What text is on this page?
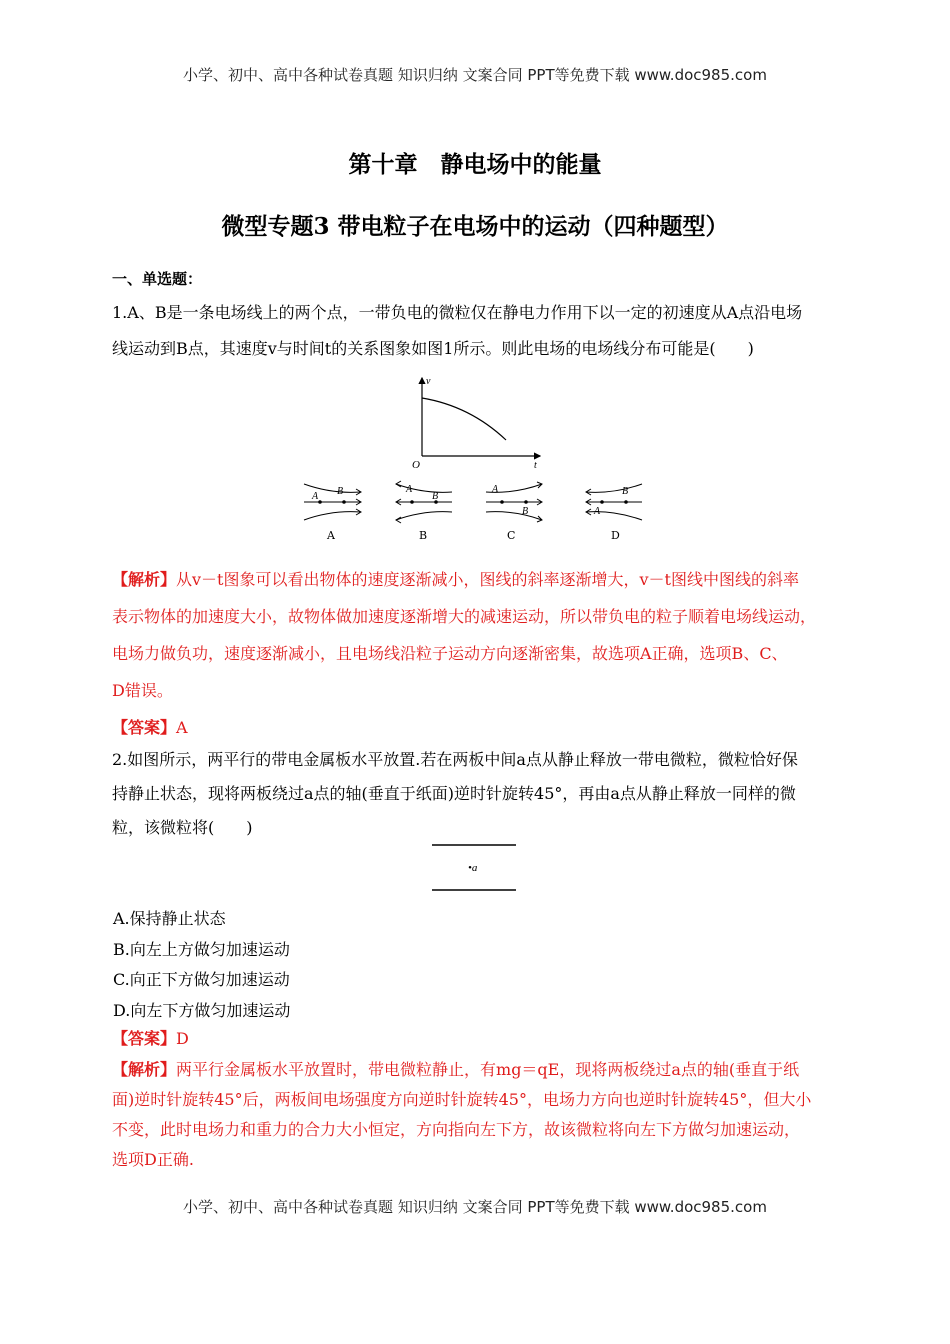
小学、初中、高中各种试卷真题 知识归纳 文案合同 PPT等免费下载 www.doc985.com
第十章　静电场中的能量
微型专题3 带电粒子在电场中的运动（四种题型）
一、单选题：
1.A、B是一条电场线上的两个点，一带负电的微粒仅在静电力作用下以一定的初速度从A点沿电场
线运动到B点，其速度v与时间t的关系图象如图1所示。则此电场的电场线分布可能是(　　)
v
t
O
A B	A
B
A
B	A
B
A	B	C	D
【解析】从v－t图象可以看出物体的速度逐渐减小，图线的斜率逐渐增大，v－t图线中图线的斜率
表示物体的加速度大小，故物体做加速度逐渐增大的减速运动，所以带负电的粒子顺着电场线运动，
电场力做负功，速度逐渐减小，且电场线沿粒子运动方向逐渐密集，故选项A正确，选项B、C、
D错误。
【答案】A
2.如图所示，两平行的带电金属板水平放置.若在两板中间a点从静止释放一带电微粒，微粒恰好保
持静止状态，现将两板绕过a点的轴(垂直于纸面)逆时针旋转45°，再由a点从静止释放一同样的微
粒，该微粒将(　　)
•a
A.保持静止状态
B.向左上方做匀加速运动
C.向正下方做匀加速运动
D.向左下方做匀加速运动
【答案】D
【解析】两平行金属板水平放置时，带电微粒静止，有mg＝qE，现将两板绕过a点的轴(垂直于纸
面)逆时针旋转45°后，两板间电场强度方向逆时针旋转45°，电场力方向也逆时针旋转45°，但大小
不变，此时电场力和重力的合力大小恒定，方向指向左下方，故该微粒将向左下方做匀加速运动，
选项D正确.
小学、初中、高中各种试卷真题 知识归纳 文案合同 PPT等免费下载 www.doc985.com
